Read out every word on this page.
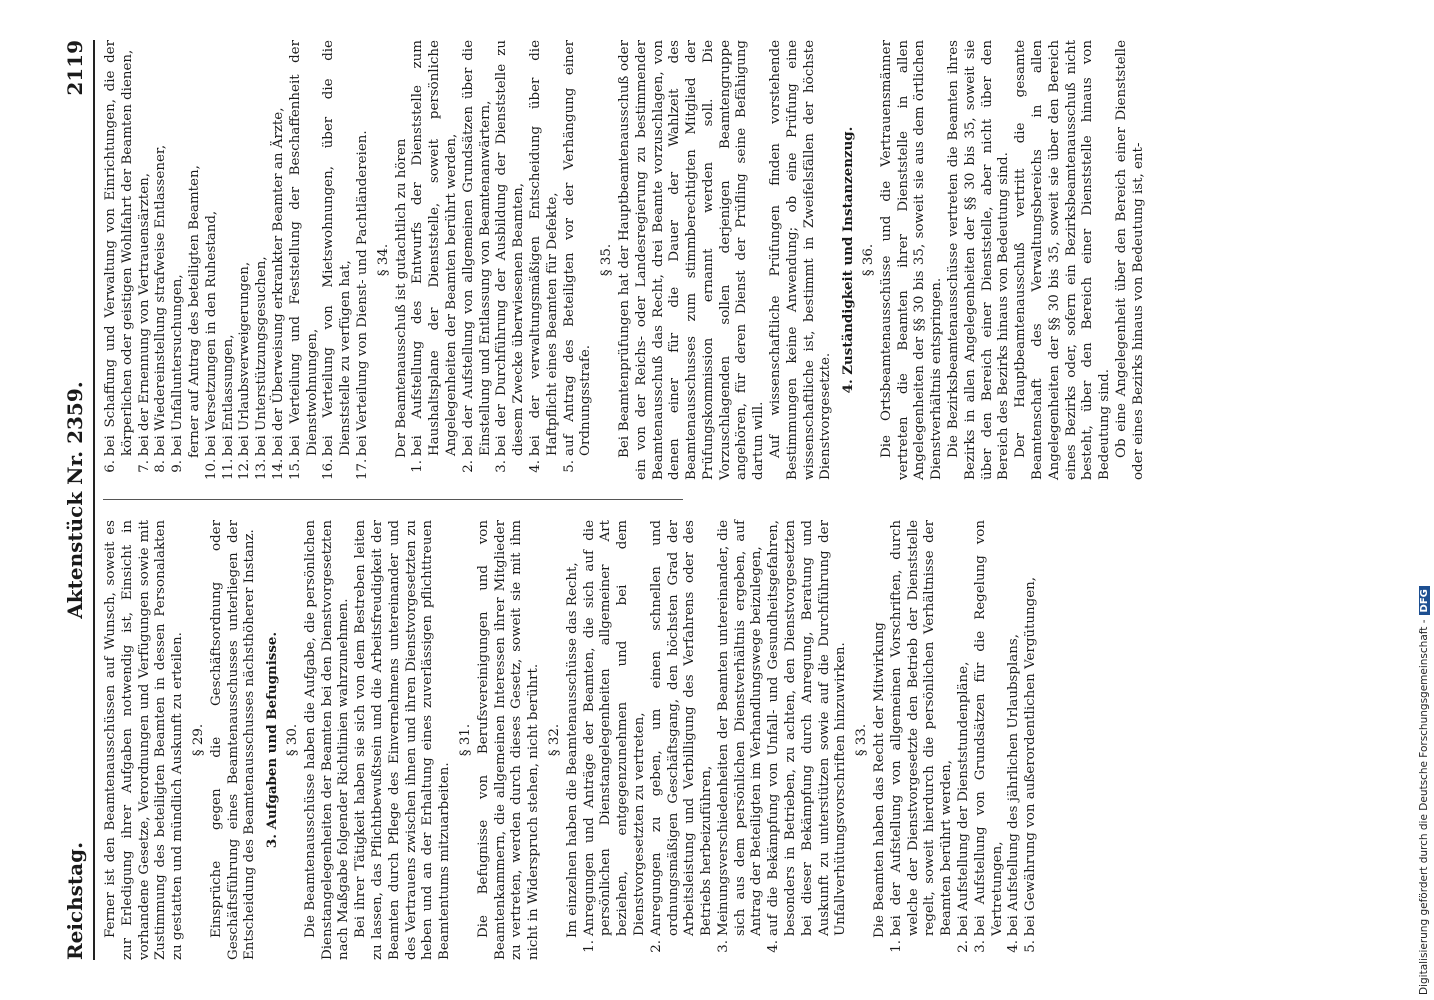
Reichstag.
Aktenstück Nr. 2359.
2119

Ferner ist den Beamtenausschüssen auf Wunsch, soweit es zur Erledigung ihrer Aufgaben notwendig ist, Einsicht in vorhandene Gesetze, Verordnungen und Verfügungen sowie mit Zustimmung des beteiligten Beamten in dessen Personalakten zu gestatten und mündlich Auskunft zu erteilen. § 29. Einsprüche gegen die Geschäftsordnung oder Geschäftsführung eines Beamtenausschusses unterliegen der Entscheidung des Beamtenausschusses nächsthöherer Instanz. 3. Aufgaben und Befugnisse. § 30. Die Beamtenausschüsse haben die Aufgabe, die persönlichen Dienstangelegenheiten der Beamten bei den Dienstvorgesetzten nach Maßgabe folgender Richtlinien wahrzunehmen. Bei ihrer Tätigkeit haben sie sich von dem Bestreben leiten zu lassen, das Pflichtbewußtsein und die Arbeitsfreudigkeit der Beamten durch Pflege des Einvernehmens untereinander und des Vertrauens zwischen ihnen und ihren Dienstvorgesetzten zu heben und an der Erhaltung eines zuverlässigen pflichttreuen Beamtentums mitzuarbeiten.

§ 31. Die Befugnisse von Berufsvereinigungen und von Beamtenkammern, die allgemeinen Interessen ihrer Mitglieder zu vertreten, werden durch dieses Gesetz, soweit sie mit ihm nicht in Widerspruch stehen, nicht berührt. § 32. Im einzelnen haben die Beamtenausschüsse das Recht,

1.
Anregungen und Anträge der Beamten, die sich auf die persönlichen Dienstangelegenheiten allgemeiner Art beziehen, entgegenzunehmen und bei dem Dienstvorgesetzten zu vertreten,
2.
Anregungen zu geben, um einen schnellen und ordnungsmäßigen Geschäftsgang, den höchsten Grad der Arbeitsleistung und Verbilligung des Verfahrens oder des Betriebs herbeizuführen,
3.
Meinungsverschiedenheiten der Beamten untereinander, die sich aus dem persönlichen Dienstverhältnis ergeben, auf Antrag der Beteiligten im Verhandlungswege beizulegen,
4.
auf die Bekämpfung von Unfall- und Gesundheitsgefahren, besonders in Betrieben, zu achten, den Dienstvorgesetzten bei dieser Bekämpfung durch Anregung, Beratung und Auskunft zu unterstützen sowie auf die Durchführung der Unfallverhütungsvorschriften hinzuwirken. § 33. Die Beamten haben das Recht der Mitwirkung

1.
bei der Aufstellung von allgemeinen Vorschriften, durch welche der Dienstvorgesetzte den Betrieb der Dienststelle regelt, soweit hierdurch die persönlichen Verhältnisse der Beamten berührt werden,
2.
bei Aufstellung der Dienststundenpläne,
3.
bei Aufstellung von Grundsätzen für die Regelung von Vertretungen,
4.
bei Aufstellung des jährlichen Urlaubsplans,
5.
bei Gewährung von außerordentlichen Vergütungen,
6.
bei Schaffung und Verwaltung von Einrichtungen, die der körperlichen oder geistigen Wohlfahrt der Beamten dienen,
7.
bei der Ernennung von Vertrauensärzten,
8.
bei Wiedereinstellung strafweise Entlassener,
9.
bei Unfalluntersuchungen, ferner auf Antrag des beteiligten Beamten,

10.
bei Versetzungen in den Ruhestand,
11.
bei Entlassungen,
12.
bei Urlaubsverweigerungen,
13.
bei Unterstützungsgesuchen,
14.
bei der Überweisung erkrankter Beamter an Ärzte,
15.
bei Verteilung und Feststellung der Beschaffenheit der Dienstwohnungen,
16.
bei Verteilung von Mietswohnungen, über die die Dienststelle zu verfügen hat,
17.
bei Verteilung von Dienst- und Pachtländereien. § 34. Der Beamtenausschuß ist gutachtlich zu hören

1.
bei Aufstellung des Entwurfs der Dienststelle zum Haushaltsplane der Dienststelle, soweit persönliche Angelegenheiten der Beamten berührt werden,
2.
bei der Aufstellung von allgemeinen Grundsätzen über die Einstellung und Entlassung von Beamtenanwärtern,
3.
bei der Durchführung der Ausbildung der Dienststelle zu diesem Zwecke überwiesenen Beamten,
4.
bei der verwaltungsmäßigen Entscheidung über die Haftpflicht eines Beamten für Defekte,
5.
auf Antrag des Beteiligten vor der Verhängung einer Ordnungsstrafe.

§ 35. Bei Beamtenprüfungen hat der Hauptbeamtenausschuß oder ein von der Reichs- oder Landesregierung zu bestimmender Beamtenausschuß das Recht, drei Beamte vorzuschlagen, von denen einer für die Dauer der Wahlzeit des Beamtenausschusses zum stimmberechtigten Mitglied der Prüfungskommission ernannt werden soll. Die Vorzuschlagenden sollen derjenigen Beamtengruppe angehören, für deren Dienst der Prüfling seine Befähigung dartun will. Auf wissenschaftliche Prüfungen finden vorstehende Bestimmungen keine Anwendung; ob eine Prüfung eine wissenschaftliche ist, bestimmt in Zweifelsfällen der höchste Dienstvorgesetzte.

4. Zuständigkeit und Instanzenzug. § 36. Die Ortsbeamtenausschüsse und die Vertrauensmänner vertreten die Beamten ihrer Dienststelle in allen Angelegenheiten der §§ 30 bis 35, soweit sie aus dem örtlichen Dienstverhältnis entspringen. Die Bezirksbeamtenausschüsse vertreten die Beamten ihres Bezirks in allen Angelegenheiten der §§ 30 bis 35, soweit sie über den Bereich einer Dienststelle, aber nicht über den Bereich des Bezirks hinaus von Bedeutung sind. Der Hauptbeamtenausschuß vertritt die gesamte Beamtenschaft des Verwaltungsbereichs in allen Angelegenheiten der §§ 30 bis 35, soweit sie über den Bereich eines Bezirks oder, sofern ein Bezirksbeamtenausschuß nicht besteht, über den Bereich einer Dienststelle hinaus von Bedeutung sind. Ob eine Angelegenheit über den Bereich einer Dienststelle oder eines Bezirks hinaus von Bedeutung ist, ent-

Digitalisierung gefördert durch die Deutsche Forschungsgemeinschaft -DFG
